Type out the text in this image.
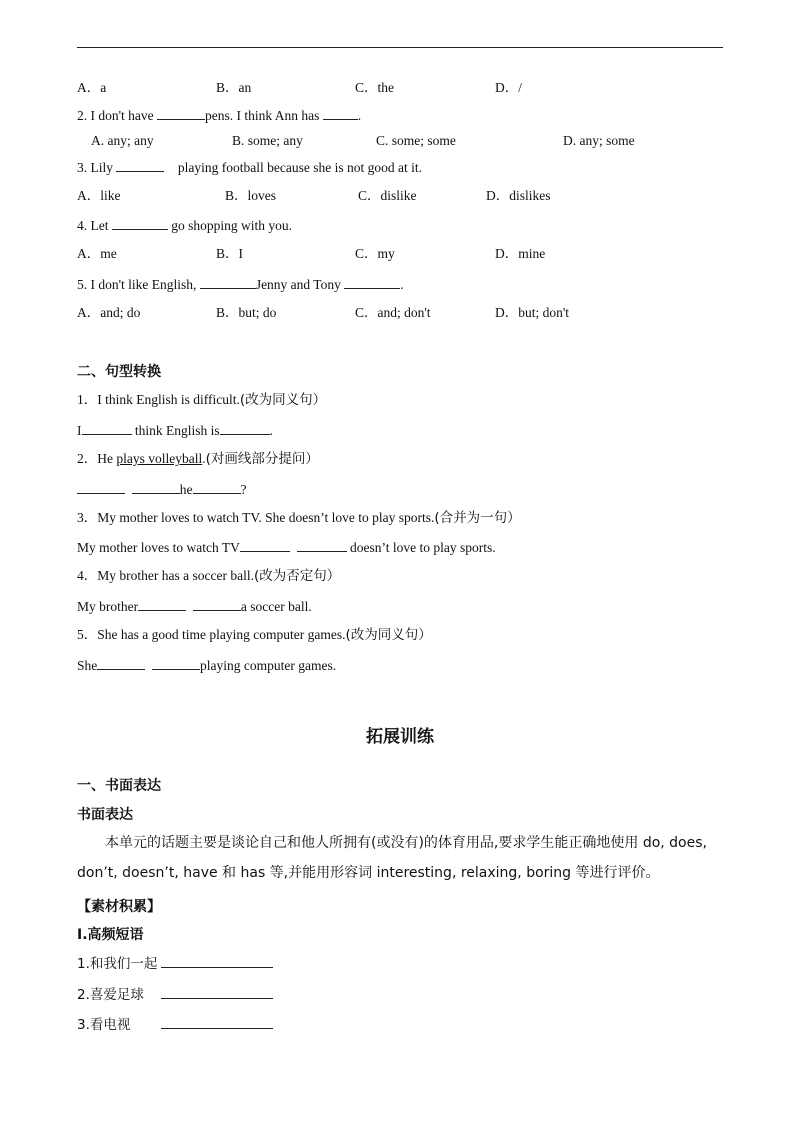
A．a	B．an	C．the	D．/
2. I don't have	pens. I think Ann has	.
A. any; any	B. some; any	C. some; some	D. any; some
3. Lily	playing football because she is not good at it.
A．like	B．loves	C．dislike	D．dislikes
4. Let	go shopping with you.
A．me	B．I	C．my	D．mine
5. I don't like English,	Jenny and Tony	.
A．and; do	B．but; do	C．and; don't	D．but; don't
二、句型转换
1．I think English is difficult.(改为同义句）
I	think English is	.
2．He plays volleyball.(对画线部分提问）
he	?
3．My mother loves to watch TV. She doesn’t love to play sports.(合并为一句）
My mother loves to watch TV	doesn’t love to play sports.
4．My brother has a soccer ball.(改为否定句）
My brother	a soccer ball.
5．She has a good time playing computer games.(改为同义句）
She	playing computer games.
拓展训练
一、书面表达
书面表达
本单元的话题主要是谈论自己和他人所拥有(或没有)的体育用品,要求学生能正确地使用 do, does, don’t, doesn’t, have 和 has 等,并能用形容词 interesting, relaxing, boring 等进行评价。
【素材积累】
I.高频短语
1.和我们一起
2.喜爱足球
3.看电视
